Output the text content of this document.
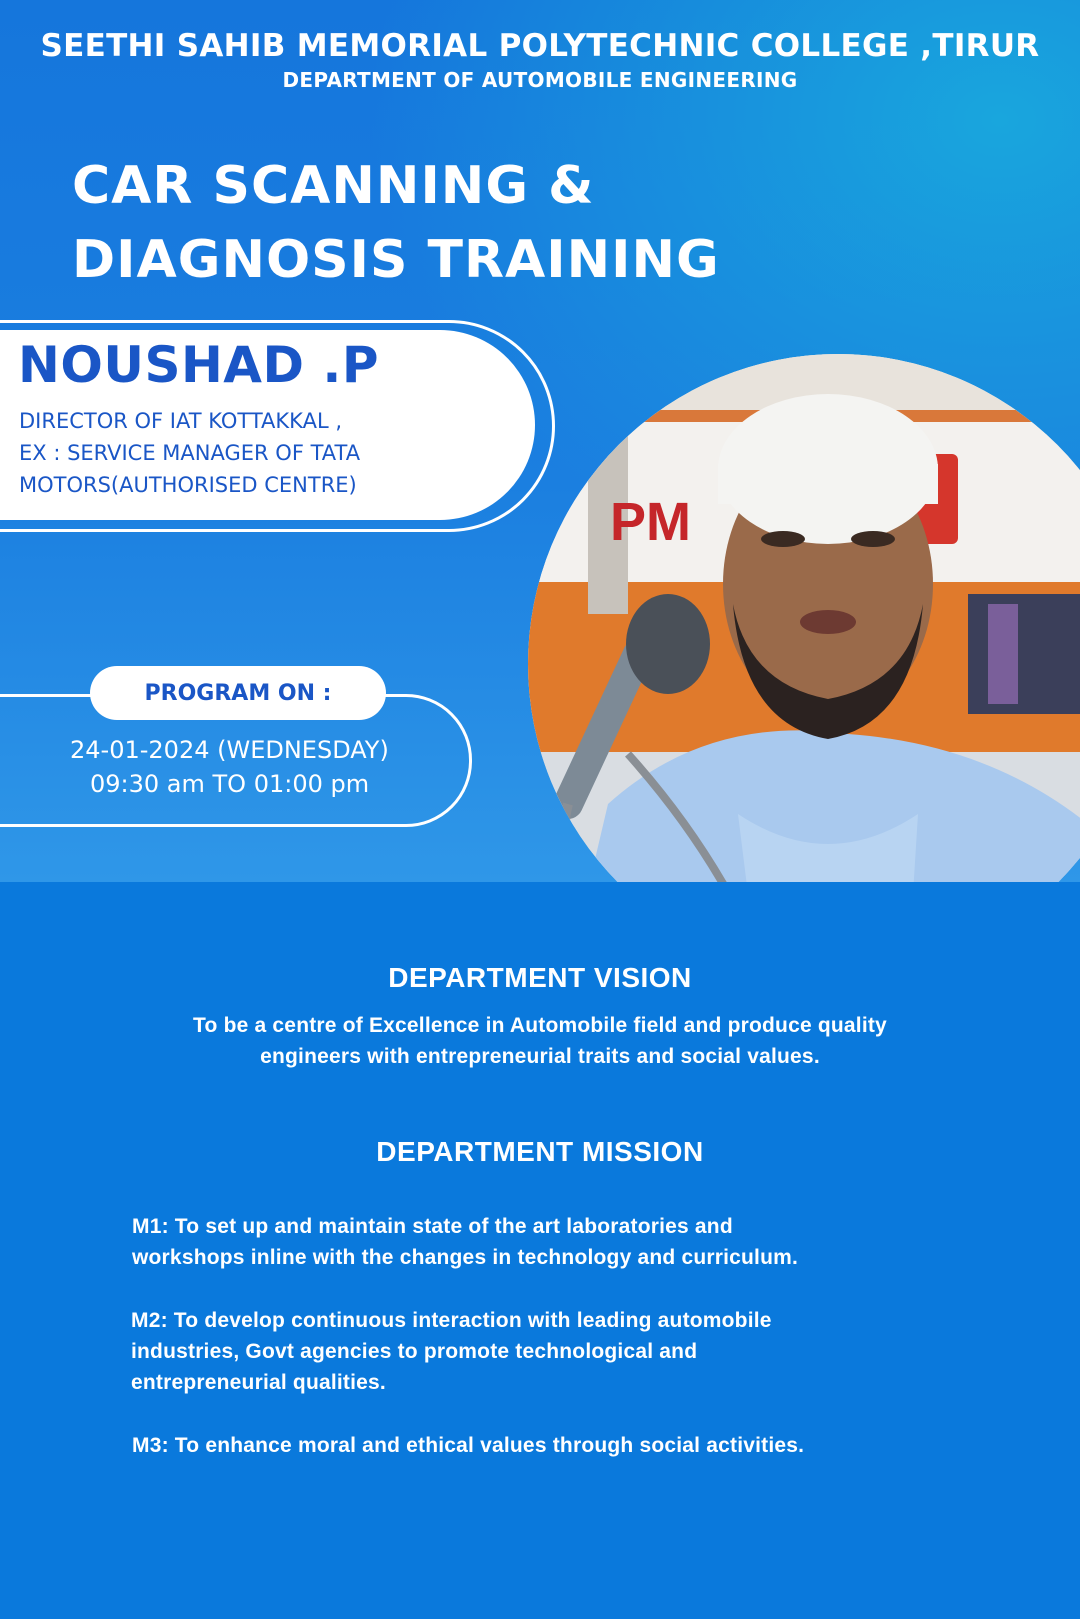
SEETHI SAHIB MEMORIAL POLYTECHNIC COLLEGE ,TIRUR
DEPARTMENT OF AUTOMOBILE ENGINEERING
CAR SCANNING &
DIAGNOSIS TRAINING
NOUSHAD .P
DIRECTOR OF IAT KOTTAKKAL ,
EX : SERVICE MANAGER OF TATA
MOTORS(AUTHORISED CENTRE)
PM
PROGRAM ON :
24-01-2024 (WEDNESDAY)
09:30 am TO 01:00 pm
DEPARTMENT VISION
To be a centre of Excellence in Automobile field and produce quality
engineers with entrepreneurial traits and social values.
DEPARTMENT MISSION
M1: To set up and maintain state of the art laboratories and
workshops inline with the changes in technology and curriculum.
M2: To develop continuous interaction with leading automobile
industries, Govt agencies to promote technological and
entrepreneurial qualities.
M3: To enhance moral and ethical values through social activities.
